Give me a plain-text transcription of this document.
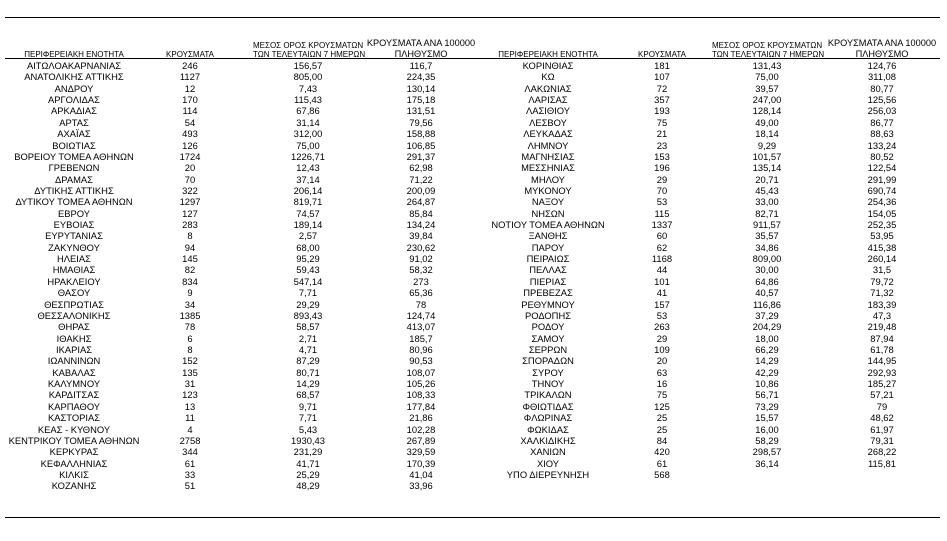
ΠΕΡΙΦΕΡΕΙΑΚΗ ΕΝΟΤΗΤΑ	ΚΡΟΥΣΜΑΤΑ
ΜΕΣΟΣ ΟΡΟΣ ΚΡΟΥΣΜΑΤΩΝ
ΤΩΝ ΤΕΛΕΥΤΑΙΩΝ 7 ΗΜΕΡΩΝ
ΚΡΟΥΣΜΑΤΑ ΑΝΑ 100000
ΠΛΗΘΥΣΜΟ
ΑΙΤΩΛΟΑΚΑΡΝΑΝΙΑΣ	246	156,57	116,7
ΑΝΑΤΟΛΙΚΗΣ ΑΤΤΙΚΗΣ	1127	805,00	224,35
ΑΝΔΡΟΥ	12	7,43	130,14
ΑΡΓΟΛΙΔΑΣ	170	115,43	175,18
ΑΡΚΑΔΙΑΣ	114	67,86	131,51
ΑΡΤΑΣ	54	31,14	79,56
ΑΧΑΪΑΣ	493	312,00	158,88
ΒΟΙΩΤΙΑΣ	126	75,00	106,85
ΒΟΡΕΙΟΥ ΤΟΜΕΑ ΑΘΗΝΩΝ	1724	1226,71	291,37
ΓΡΕΒΕΝΩΝ	20	12,43	62,98
ΔΡΑΜΑΣ	70	37,14	71,22
ΔΥΤΙΚΗΣ ΑΤΤΙΚΗΣ	322	206,14	200,09
ΔΥΤΙΚΟΥ ΤΟΜΕΑ ΑΘΗΝΩΝ	1297	819,71	264,87
ΕΒΡΟΥ	127	74,57	85,84
ΕΥΒΟΙΑΣ	283	189,14	134,24
ΕΥΡΥΤΑΝΙΑΣ	8	2,57	39,84
ΖΑΚΥΝΘΟΥ	94	68,00	230,62
ΗΛΕΙΑΣ	145	95,29	91,02
ΗΜΑΘΙΑΣ	82	59,43	58,32
ΗΡΑΚΛΕΙΟΥ	834	547,14	273
ΘΑΣΟΥ	9	7,71	65,36
ΘΕΣΠΡΩΤΙΑΣ	34	29,29	78
ΘΕΣΣΑΛΟΝΙΚΗΣ	1385	893,43	124,74
ΘΗΡΑΣ	78	58,57	413,07
ΙΘΑΚΗΣ	6	2,71	185,7
ΙΚΑΡΙΑΣ	8	4,71	80,96
ΙΩΑΝΝΙΝΩΝ	152	87,29	90,53
ΚΑΒΑΛΑΣ	135	80,71	108,07
ΚΑΛΥΜΝΟΥ	31	14,29	105,26
ΚΑΡΔΙΤΣΑΣ	123	68,57	108,33
ΚΑΡΠΑΘΟΥ	13	9,71	177,84
ΚΑΣΤΟΡΙΑΣ	11	7,71	21,86
ΚΕΑΣ - ΚΥΘΝΟΥ	4	5,43	102,28
ΚΕΝΤΡΙΚΟΥ ΤΟΜΕΑ ΑΘΗΝΩΝ	2758	1930,43	267,89
ΚΕΡΚΥΡΑΣ	344	231,29	329,59
ΚΕΦΑΛΛΗΝΙΑΣ	61	41,71	170,39
ΚΙΛΚΙΣ	33	25,29	41,04
ΚΟΖΑΝΗΣ	51	48,29	33,96
ΠΕΡΙΦΕΡΕΙΑΚΗ ΕΝΟΤΗΤΑ	ΚΡΟΥΣΜΑΤΑ
ΜΕΣΟΣ ΟΡΟΣ ΚΡΟΥΣΜΑΤΩΝ
ΤΩΝ ΤΕΛΕΥΤΑΙΩΝ 7 ΗΜΕΡΩΝ
ΚΡΟΥΣΜΑΤΑ ΑΝΑ 100000
ΠΛΗΘΥΣΜΟ
ΚΟΡΙΝΘΙΑΣ	181	131,43	124,76
ΚΩ	107	75,00	311,08
ΛΑΚΩΝΙΑΣ	72	39,57	80,77
ΛΑΡΙΣΑΣ	357	247,00	125,56
ΛΑΣΙΘΙΟΥ	193	128,14	256,03
ΛΕΣΒΟΥ	75	49,00	86,77
ΛΕΥΚΑΔΑΣ	21	18,14	88,63
ΛΗΜΝΟΥ	23	9,29	133,24
ΜΑΓΝΗΣΙΑΣ	153	101,57	80,52
ΜΕΣΣΗΝΙΑΣ	196	135,14	122,54
ΜΗΛΟΥ	29	20,71	291,99
ΜΥΚΟΝΟΥ	70	45,43	690,74
ΝΑΞΟΥ	53	33,00	254,36
ΝΗΣΩΝ	115	82,71	154,05
ΝΟΤΙΟΥ ΤΟΜΕΑ ΑΘΗΝΩΝ	1337	911,57	252,35
ΞΑΝΘΗΣ	60	35,57	53,95
ΠΑΡΟΥ	62	34,86	415,38
ΠΕΙΡΑΙΩΣ	1168	809,00	260,14
ΠΕΛΛΑΣ	44	30,00	31,5
ΠΙΕΡΙΑΣ	101	64,86	79,72
ΠΡΕΒΕΖΑΣ	41	40,57	71,32
ΡΕΘΥΜΝΟΥ	157	116,86	183,39
ΡΟΔΟΠΗΣ	53	37,29	47,3
ΡΟΔΟΥ	263	204,29	219,48
ΣΑΜΟΥ	29	18,00	87,94
ΣΕΡΡΩΝ	109	66,29	61,78
ΣΠΟΡΑΔΩΝ	20	14,29	144,95
ΣΥΡΟΥ	63	42,29	292,93
ΤΗΝΟΥ	16	10,86	185,27
ΤΡΙΚΑΛΩΝ	75	56,71	57,21
ΦΘΙΩΤΙΔΑΣ	125	73,29	79
ΦΛΩΡΙΝΑΣ	25	15,57	48,62
ΦΩΚΙΔΑΣ	25	16,00	61,97
ΧΑΛΚΙΔΙΚΗΣ	84	58,29	79,31
ΧΑΝΙΩΝ	420	298,57	268,22
ΧΙΟΥ	61	36,14	115,81
ΥΠΟ ΔΙΕΡΕΥΝΗΣΗ	568
